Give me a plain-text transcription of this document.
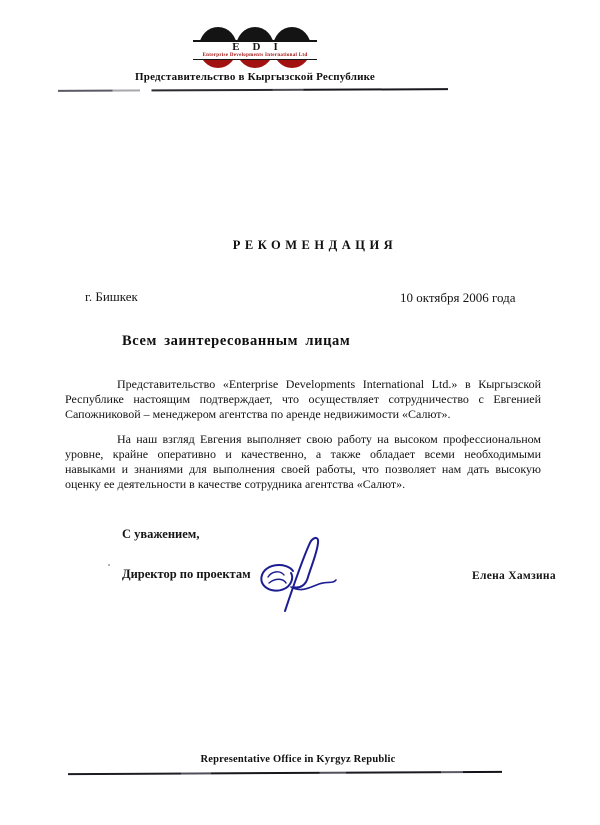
EDI
Enterprise Developments International Ltd
Представительство в Кыргызской Республике
РЕКОМЕНДАЦИЯ
г. Бишкек	10 октября 2006 года
Всем заинтересованным лицам
Представительство «Enterprise Developments International Ltd.» в Кыргызской
Республике настоящим подтверждает, что осуществляет сотрудничество с Евгенией
Сапожниковой – менеджером агентства по аренде недвижимости «Салют».
На наш взгляд Евгения выполняет свою работу на высоком профессиональном
уровне, крайне оперативно и качественно, а также обладает всеми необходимыми
навыками и знаниями для выполнения своей работы, что позволяет нам дать высокую
оценку ее деятельности в качестве сотрудника агентства «Салют».
С уважением,
Директор по проектам	Елена Хамзина
Representative Office in Kyrgyz Republic
